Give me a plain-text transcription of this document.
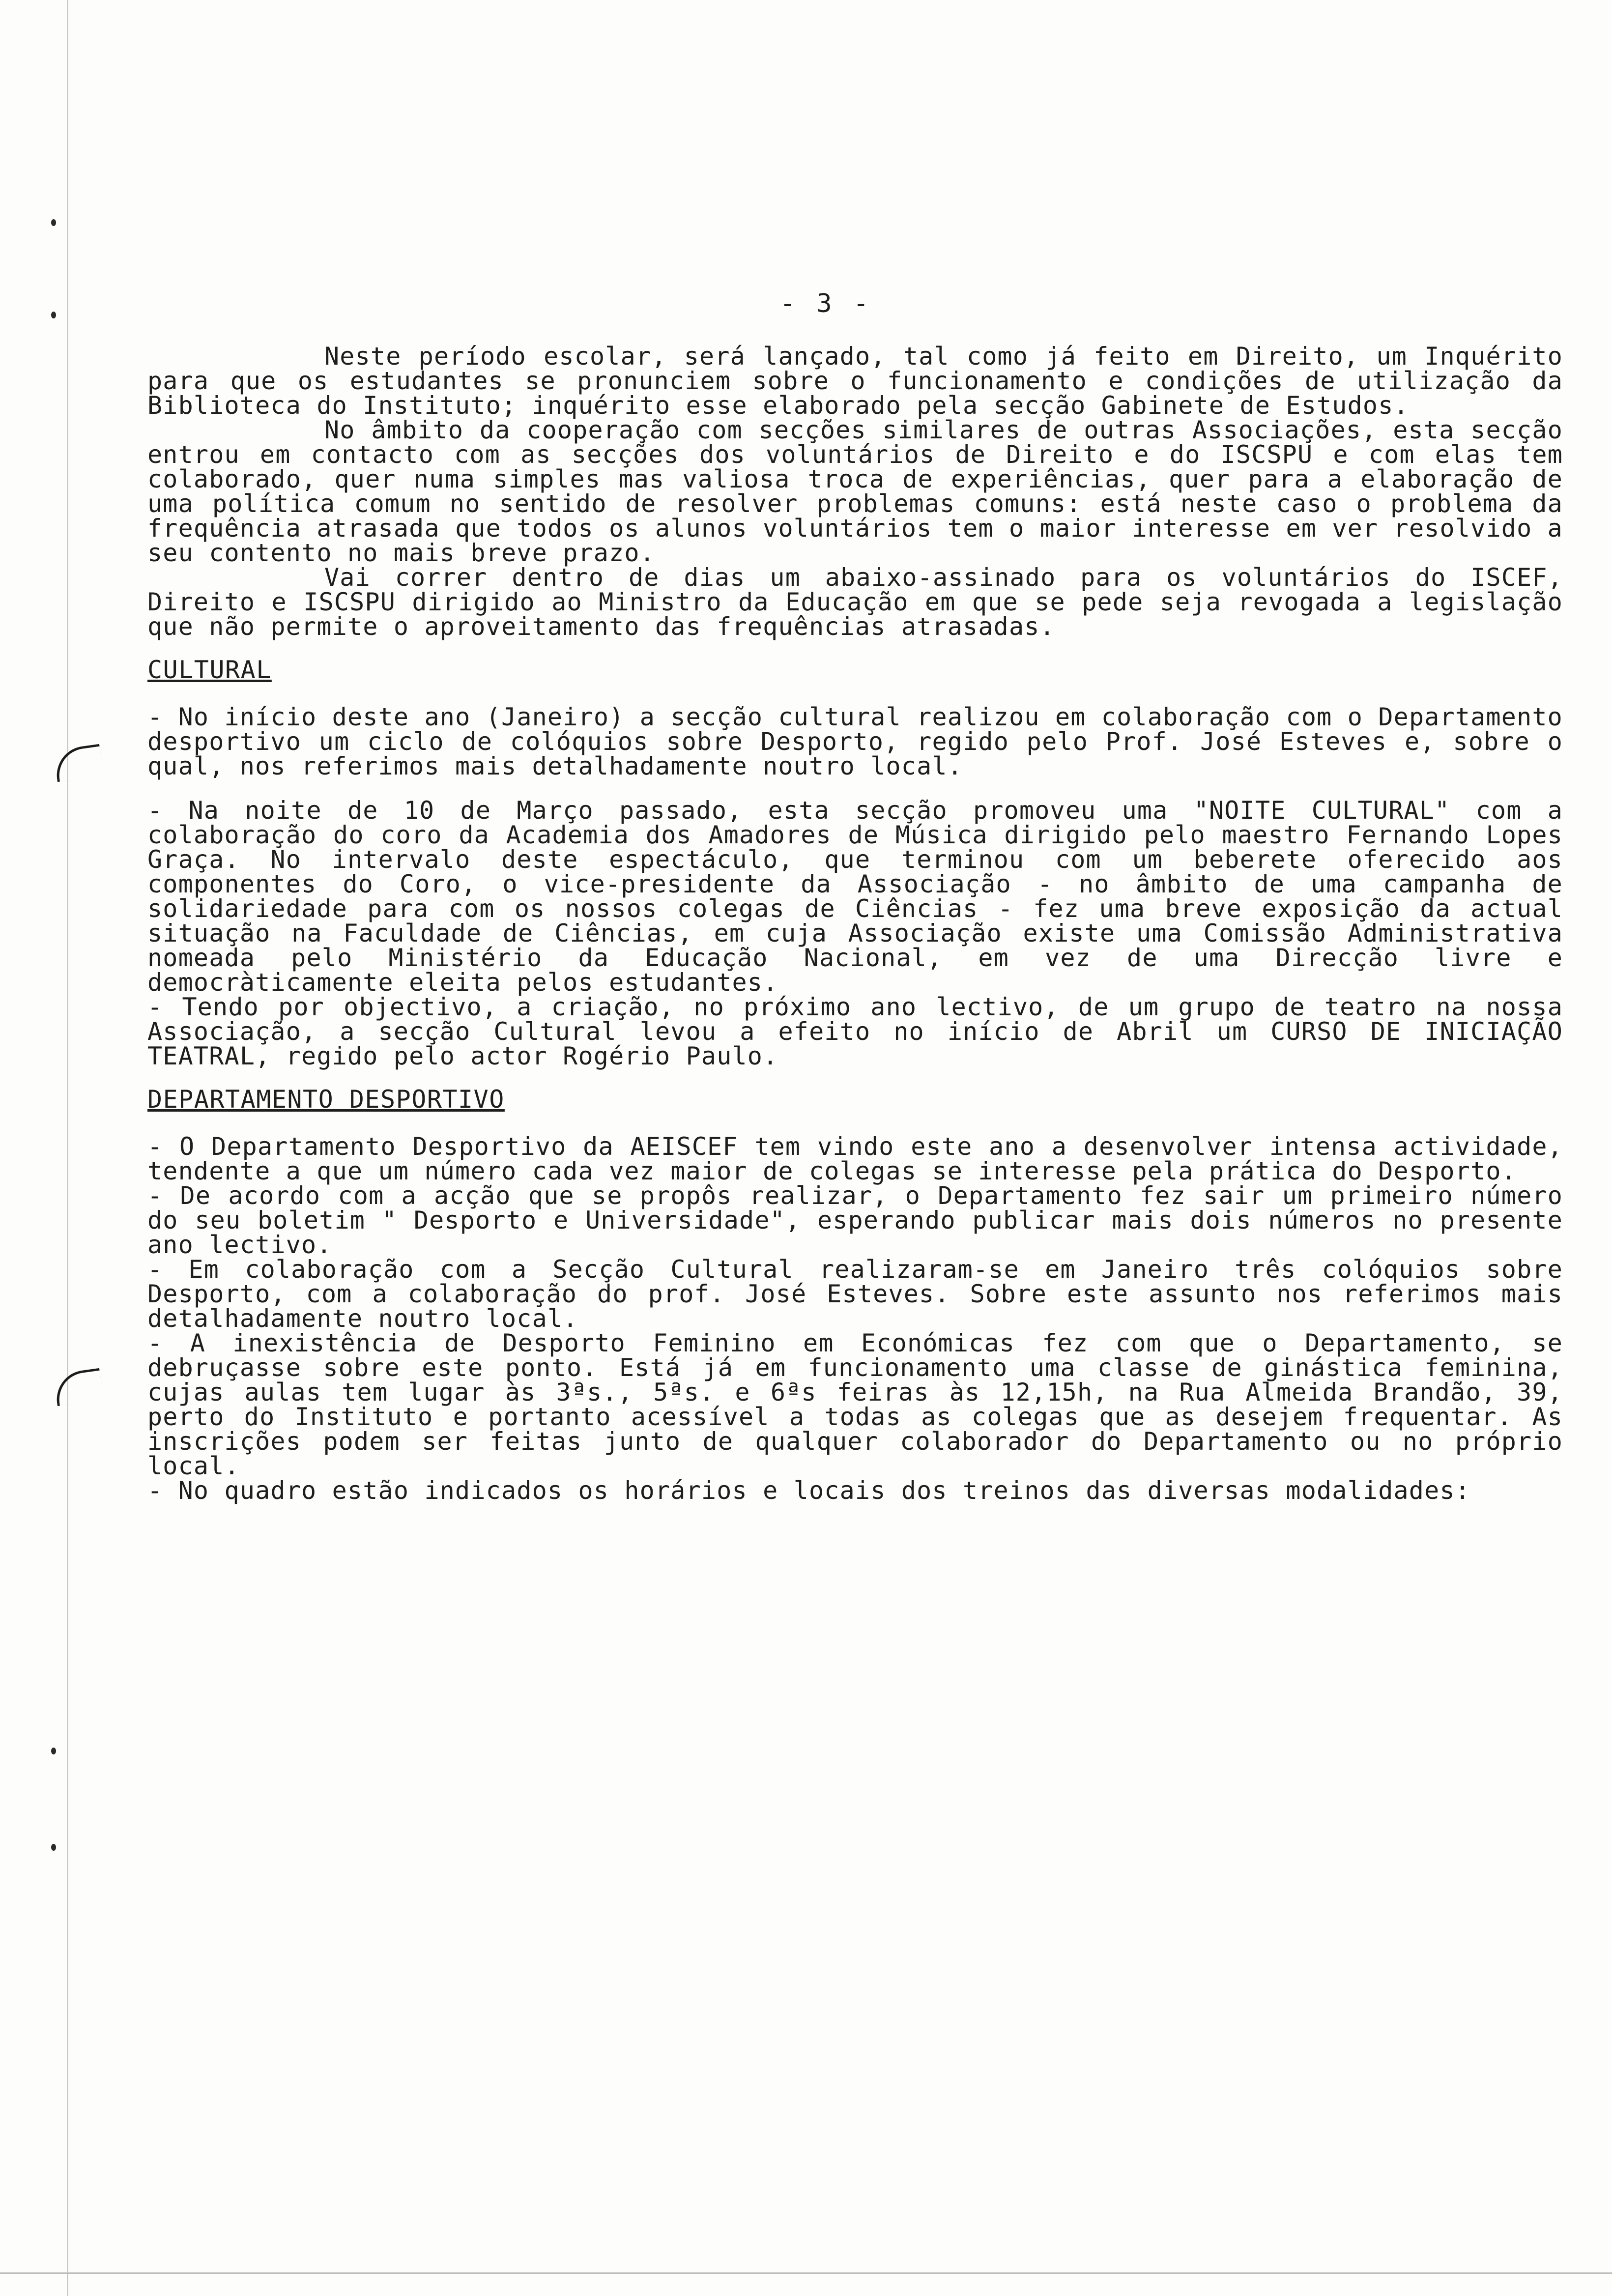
- 3 -

Neste período escolar, será lançado, tal como já feito em Direito, um Inquérito para que os estudantes se pronunciem sobre o funcionamento e condições de utilização da Biblioteca do Instituto; inquérito esse elaborado pela secção Gabinete de Estudos.

No âmbito da cooperação com secções similares de outras Associações, esta secção entrou em contacto com as secções dos voluntários de Direito e do ISCSPU e com elas tem colaborado, quer numa simples mas valiosa troca de experiências, quer para a elaboração de uma política comum no sentido de resolver problemas comuns: está neste caso o problema da frequência atrasada que todos os alunos voluntários tem o maior interesse em ver resolvido a seu contento no mais breve prazo.

Vai correr dentro de dias um abaixo-assinado para os voluntários do ISCEF, Direito e ISCSPU dirigido ao Ministro da Educação em que se pede seja revogada a legislação que não permite o aproveitamento das frequências atrasadas.

CULTURAL

- No início deste ano (Janeiro) a secção cultural realizou em colaboração com o Departamento desportivo um ciclo de colóquios sobre Desporto, regido pelo Prof. José Esteves e, sobre o qual, nos referimos mais detalhadamente noutro local.

- Na noite de 10 de Março passado, esta secção promoveu uma "NOITE CULTURAL" com a colaboração do coro da Academia dos Amadores de Música dirigido pelo maestro Fernando Lopes Graça. No intervalo deste espectáculo, que terminou com um beberete oferecido aos componentes do Coro, o vice-presidente da Associação - no âmbito de uma campanha de solidariedade para com os nossos colegas de Ciências - fez uma breve exposição da actual situação na Faculdade de Ciências, em cuja Associação existe uma Comissão Administrativa nomeada pelo Ministério da Educação Nacional, em vez de uma Direcção livre e democràticamente eleita pelos estudantes.

- Tendo por objectivo, a criação, no próximo ano lectivo, de um grupo de teatro na nossa Associação, a secção Cultural levou a efeito no início de Abril um CURSO DE INICIAÇÃO TEATRAL, regido pelo actor Rogério Paulo.

DEPARTAMENTO DESPORTIVO

- O Departamento Desportivo da AEISCEF tem vindo este ano a desenvolver intensa actividade, tendente a que um número cada vez maior de colegas se interesse pela prática do Desporto.

- De acordo com a acção que se propôs realizar, o Departamento fez sair um primeiro número do seu boletim " Desporto e Universidade", esperando publicar mais dois números no presente ano lectivo.

- Em colaboração com a Secção Cultural realizaram-se em Janeiro três colóquios sobre Desporto, com a colaboração do prof. José Esteves. Sobre este assunto nos referimos mais detalhadamente noutro local.

- A inexistência de Desporto Feminino em Económicas fez com que o Departamento, se debruçasse sobre este ponto. Está já em funcionamento uma classe de ginástica feminina, cujas aulas tem lugar às 3ªs., 5ªs. e 6ªs feiras às 12,15h, na Rua Almeida Brandão, 39, perto do Instituto e portanto acessível a todas as colegas que as desejem frequentar. As inscrições podem ser feitas junto de qualquer colaborador do Departamento ou no próprio local.

- No quadro estão indicados os horários e locais dos treinos das diversas modalidades:
